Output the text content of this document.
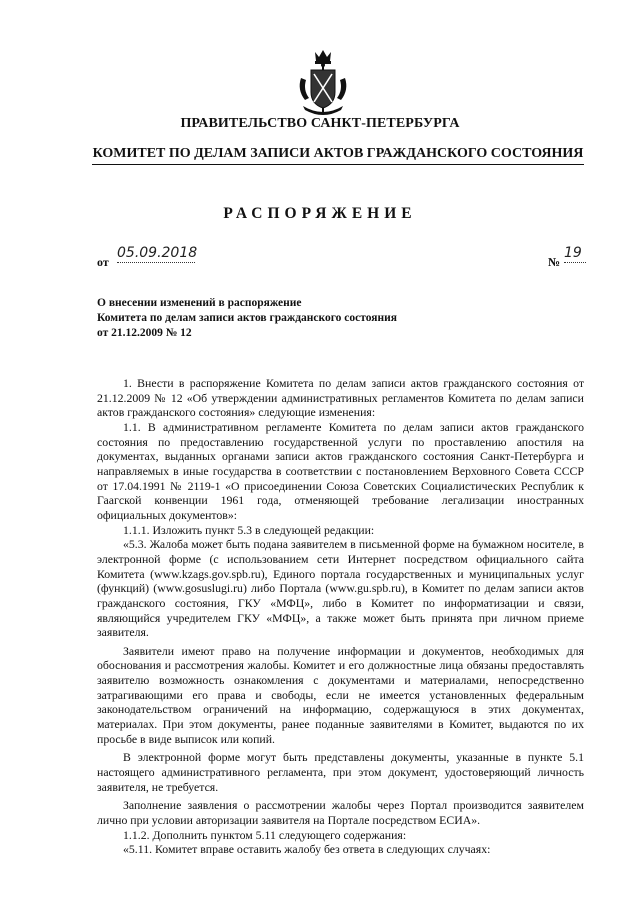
ПРАВИТЕЛЬСТВО САНКТ-ПЕТЕРБУРГА
КОМИТЕТ ПО ДЕЛАМ ЗАПИСИ АКТОВ ГРАЖДАНСКОГО СОСТОЯНИЯ
РАСПОРЯЖЕНИЕ
от
05.09.2018
№
19
О внесении изменений в распоряжение
Комитета по делам записи актов гражданского состояния
от 21.12.2009 № 12

1. Внести в распоряжение Комитета по делам записи актов гражданского состояния от 21.12.2009 № 12 «Об утверждении административных регламентов Комитета по делам записи актов гражданского состояния» следующие изменения:

1.1. В административном регламенте Комитета по делам записи актов гражданского состояния по предоставлению государственной услуги по проставлению апостиля на документах, выданных органами записи актов гражданского состояния Санкт-Петербурга и направляемых в иные государства в соответствии с постановлением Верховного Совета СССР от 17.04.1991 № 2119-1 «О присоединении Союза Советских Социалистических Республик к Гаагской конвенции 1961 года, отменяющей требование легализации иностранных официальных документов»:

1.1.1. Изложить пункт 5.3 в следующей редакции:

«5.3. Жалоба может быть подана заявителем в письменной форме на бумажном носителе, в электронной форме (с использованием сети Интернет посредством официального сайта Комитета (www.kzags.gov.spb.ru), Единого портала государственных и муниципальных услуг (функций) (www.gosuslugi.ru) либо Портала (www.gu.spb.ru), в Комитет по делам записи актов гражданского состояния, ГКУ «МФЦ», либо в Комитет по информатизации и связи, являющийся учредителем ГКУ «МФЦ», а также может быть принята при личном приеме заявителя.

Заявители имеют право на получение информации и документов, необходимых для обоснования и рассмотрения жалобы. Комитет и его должностные лица обязаны предоставлять заявителю возможность ознакомления с документами и материалами, непосредственно затрагивающими его права и свободы, если не имеется установленных федеральным законодательством ограничений на информацию, содержащуюся в этих документах, материалах. При этом документы, ранее поданные заявителями в Комитет, выдаются по их просьбе в виде выписок или копий.

В электронной форме могут быть представлены документы, указанные в пункте 5.1 настоящего административного регламента, при этом документ, удостоверяющий личность заявителя, не требуется.

Заполнение заявления о рассмотрении жалобы через Портал производится заявителем лично при условии авторизации заявителя на Портале посредством ЕСИА».

1.1.2. Дополнить пунктом 5.11 следующего содержания:

«5.11. Комитет вправе оставить жалобу без ответа в следующих случаях:
